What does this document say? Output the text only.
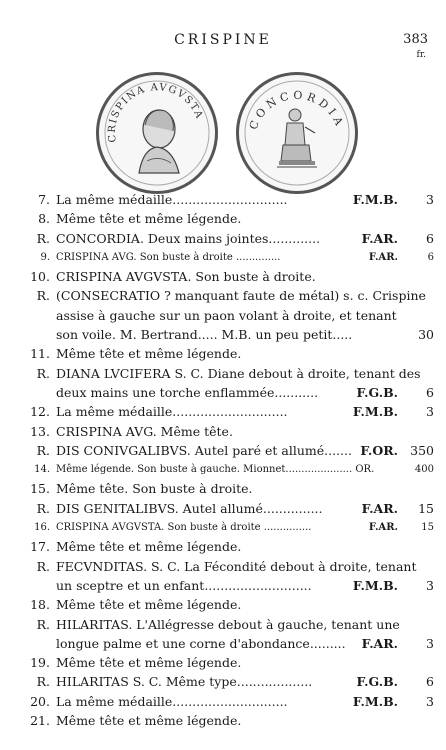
CRISPINE	383
fr.
CRISPINA AVGVSTA	CONCORDIA
7. La même médaille.............................	F.M.B.	3
8. Même tête et même légende.
R. CONCORDIA. Deux mains jointes.............	F.AR.	6
9. CRISPINA AVG. Son buste à droite ..............	F.AR.	6
10. CRISPINA AVGVSTA. Son buste à droite.
R. (CONSECRATIO ? manquant faute de métal) s. c. Crispine
assise à gauche sur un paon volant à droite, et tenant
son voile. M. Bertrand..... M.B. un peu petit.....	30
11. Même tête et même légende.
R. DIANA LVCIFERA S. C. Diane debout à droite, tenant des
deux mains une torche enflammée...........	F.G.B.	6
12. La même médaille.............................	F.M.B.	3
13. CRISPINA AVG. Même tête.
R. DIS CONIVGALIBVS. Autel paré et allumé....... F.OR. 350
14. Même légende. Son buste à gauche. Mionnet..................... OR.	400
15. Même tête. Son buste à droite.
R. DIS GENITALIBVS. Autel allumé...............	F.AR.	15
16. CRISPINA AVGVSTA. Son buste à droite ...............	F.AR.	15
17. Même tête et même légende.
R. FECVNDITAS. S. C. La Fécondité debout à droite, tenant
un sceptre et un enfant...........................	F.M.B.	3
18. Même tête et même légende.
R. HILARITAS. L'Allégresse debout à gauche, tenant une
longue palme et une corne d'abondance......... F.AR.	3
19. Même tête et même légende.
R. HILARITAS S. C. Même type...................	F.G.B.	6
20. La même médaille.............................	F.M.B.	3
21. Même tête et même légende.
